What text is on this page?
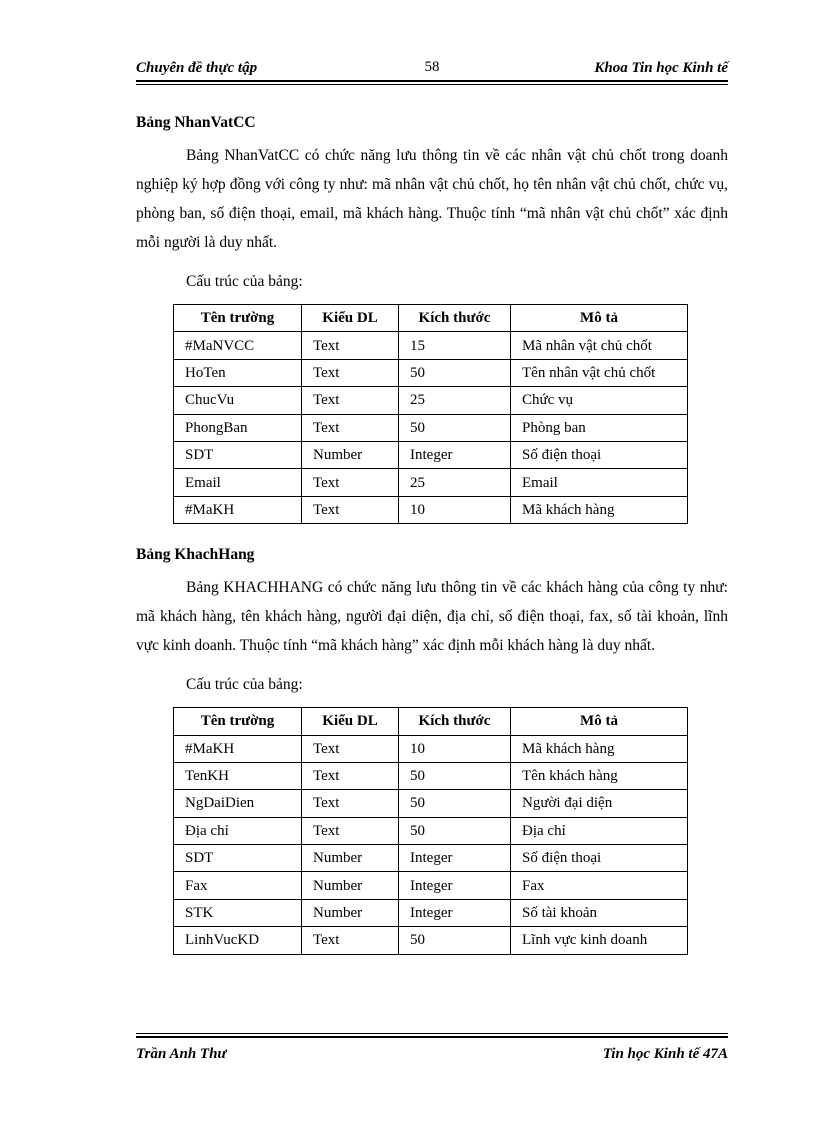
Chuyên đề thực tập	58	Khoa Tin học Kinh tế
Bảng NhanVatCC

Bảng NhanVatCC có chức năng lưu thông tin về các nhân vật chủ chốt trong doanh nghiệp ký hợp đồng với công ty như: mã nhân vật chủ chốt, họ tên nhân vật chủ chốt, chức vụ, phòng ban, số điện thoại, email, mã khách hàng. Thuộc tính “mã nhân vật chủ chốt” xác định mỗi người là duy nhất.

Cấu trúc của bảng:

Tên trường	Kiểu DL	Kích thước	Mô tả
#MaNVCC	Text	15	Mã nhân vật chủ chốt
HoTen	Text	50	Tên nhân vật chủ chốt
ChucVu	Text	25	Chức vụ
PhongBan	Text	50	Phòng ban
SDT	Number	Integer	Số điện thoại
Email	Text	25	Email
#MaKH	Text	10	Mã khách hàng
Bảng KhachHang

Bảng KHACHHANG có chức năng lưu thông tin về các khách hàng của công ty như: mã khách hàng, tên khách hàng, người đại diện, địa chỉ, số điện thoại, fax, số tài khoản, lĩnh vực kinh doanh. Thuộc tính “mã khách hàng” xác định mỗi khách hàng là duy nhất.

Cấu trúc của bảng:

Tên trường	Kiểu DL	Kích thước	Mô tả
#MaKH	Text	10	Mã khách hàng
TenKH	Text	50	Tên khách hàng
NgDaiDien	Text	50	Người đại diện
Địa chỉ	Text	50	Địa chỉ
SDT	Number	Integer	Số điện thoại
Fax	Number	Integer	Fax
STK	Number	Integer	Số tài khoản
LinhVucKD	Text	50	Lĩnh vực kinh doanh
Trần Anh Thư	Tin học Kinh tế 47A
